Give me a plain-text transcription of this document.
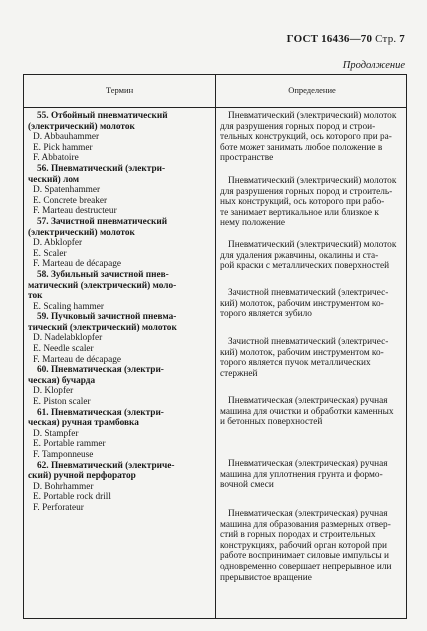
ГОСТ 16436—70 Стр. 7
Продолжение
Термин	Определение
55. Отбойный пневматический
(электрический) молоток
D. Abbauhammer
E. Pick hammer
F. Abbatoire
56. Пневматический (электри-
ческий) лом
D. Spatenhammer
E. Concrete breaker
F. Marteau destructeur
57. Зачистной пневматический
(электрический) молоток
D. Abklopfer
E. Scaler
F. Marteau de décapage
58. Зубильный зачистной пнев-
матический (электрический) моло-
ток
E. Scaling hammer
59. Пучковый зачистной пневма-
тический (электрический) молоток
D. Nadelabklopfer
E. Needle scaler
F. Marteau de décapage
60. Пневматическая (электри-
ческая) бучарда
D. Klopfer
E. Piston scaler
61. Пневматическая (электри-
ческая) ручная трамбовка
D. Stampfer
E. Portable rammer
F. Tamponneuse
62. Пневматический (электриче-
ский) ручной перфоратор
D. Bohrhammer
E. Portable rock drill
F. Perforateur
Пневматический (электрический) молоток
для разрушения горных пород и строи-
тельных конструкций, ось которого при ра-
боте может занимать любое положение в
пространстве
Пневматический (электрический) молоток
для разрушения горных пород и строитель-
ных конструкций, ось которого при рабо-
те занимает вертикальное или близкое к
нему положение
Пневматический (электрический) молоток
для удаления ржавчины, окалины и ста-
рой краски с металлических поверхностей
Зачистной пневматический (электричес-
кий) молоток, рабочим инструментом ко-
торого является зубило
Зачистной пневматический (электричес-
кий) молоток, рабочим инструментом ко-
торого является пучок металлических
стержней
Пневматическая (электрическая) ручная
машина для очистки и обработки каменных
и бетонных поверхностей
Пневматическая (электрическая) ручная
машина для уплотнения грунта и формо-
вочной смеси
Пневматическая (электрическая) ручная
машина для образования размерных отвер-
стий в горных породах и строительных
конструкциях, рабочий орган которой при
работе воспринимает силовые импульсы и
одновременно совершает непрерывное или
прерывистое вращение
